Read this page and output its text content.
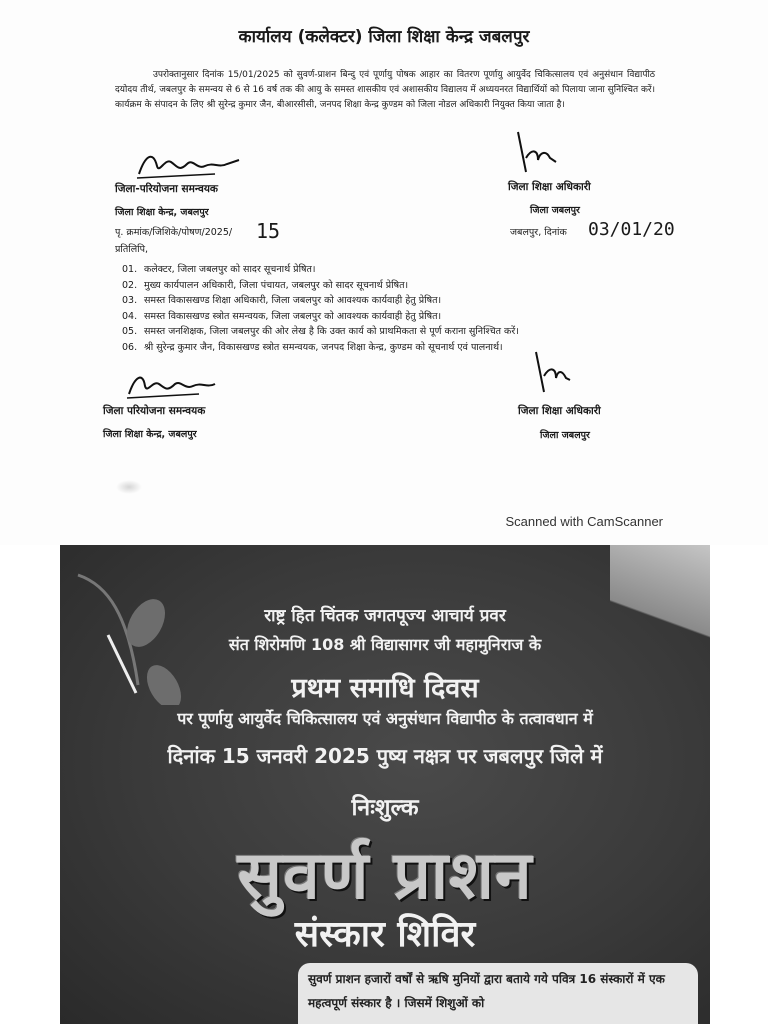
कार्यालय (कलेक्टर) जिला शिक्षा केन्द्र जबलपुर
उपरोक्तानुसार दिनांक 15/01/2025 को सुवर्ण-प्राशन बिन्दु एवं पूर्णायु पोषक आहार का वितरण पूर्णायु आयुर्वेद चिकित्सालय एवं अनुसंधान विद्यापीठ दयोदय तीर्थ, जबलपुर के समन्वय से 6 से 16 वर्ष तक की आयु के समस्त शासकीय एवं अशासकीय विद्यालय में अध्ययनरत विद्यार्थियों को पिलाया जाना सुनिश्चित करें। कार्यक्रम के संपादन के लिए श्री सुरेन्द्र कुमार जैन, बीआरसीसी, जनपद शिक्षा केन्द्र कुण्डम को जिला नोडल अधिकारी नियुक्त किया जाता है।
जिला-परियोजना समन्वयक
जिला शिक्षा केन्द्र, जबलपुर
जिला शिक्षा अधिकारी
जिला जबलपुर
पृ. क्रमांक/जिशिके/पोषण/2025/ 15	जबलपुर, दिनांक 03/01/20
प्रतिलिपि,
01. कलेक्टर, जिला जबलपुर को सादर सूचनार्थ प्रेषित।
02. मुख्य कार्यपालन अधिकारी, जिला पंचायत, जबलपुर को सादर सूचनार्थ प्रेषित।
03. समस्त विकासखण्ड शिक्षा अधिकारी, जिला जबलपुर को आवश्यक कार्यवाही हेतु प्रेषित।
04. समस्त विकासखण्ड स्त्रोत समन्वयक, जिला जबलपुर को आवश्यक कार्यवाही हेतु प्रेषित।
05. समस्त जनशिक्षक, जिला जबलपुर की ओर लेख है कि उक्त कार्य को प्राथमिकता से पूर्ण कराना सुनिश्चित करें।
06. श्री सुरेन्द्र कुमार जैन, विकासखण्ड स्त्रोत समन्वयक, जनपद शिक्षा केन्द्र, कुण्डम को सूचनार्थ एवं पालनार्थ।
जिला परियोजना समन्वयक
जिला शिक्षा केन्द्र, जबलपुर
जिला शिक्षा अधिकारी
जिला जबलपुर
Scanned with CamScanner
राष्ट्र हित चिंतक जगतपूज्य आचार्य प्रवर
संत शिरोमणि 108 श्री विद्यासागर जी महामुनिराज के
प्रथम समाधि दिवस
पर पूर्णायु आयुर्वेद चिकित्सालय एवं अनुसंधान विद्यापीठ के तत्वावधान में
दिनांक 15 जनवरी 2025 पुष्य नक्षत्र पर जबलपुर जिले में
निःशुल्क
सुवर्ण प्राशन
संस्कार शिविर
सुवर्ण प्राशन हजारों वर्षों से ऋषि मुनियों द्वारा बताये गये पवित्र 16 संस्कारों में एक महत्वपूर्ण संस्कार है । जिसमें शिशुओं को
